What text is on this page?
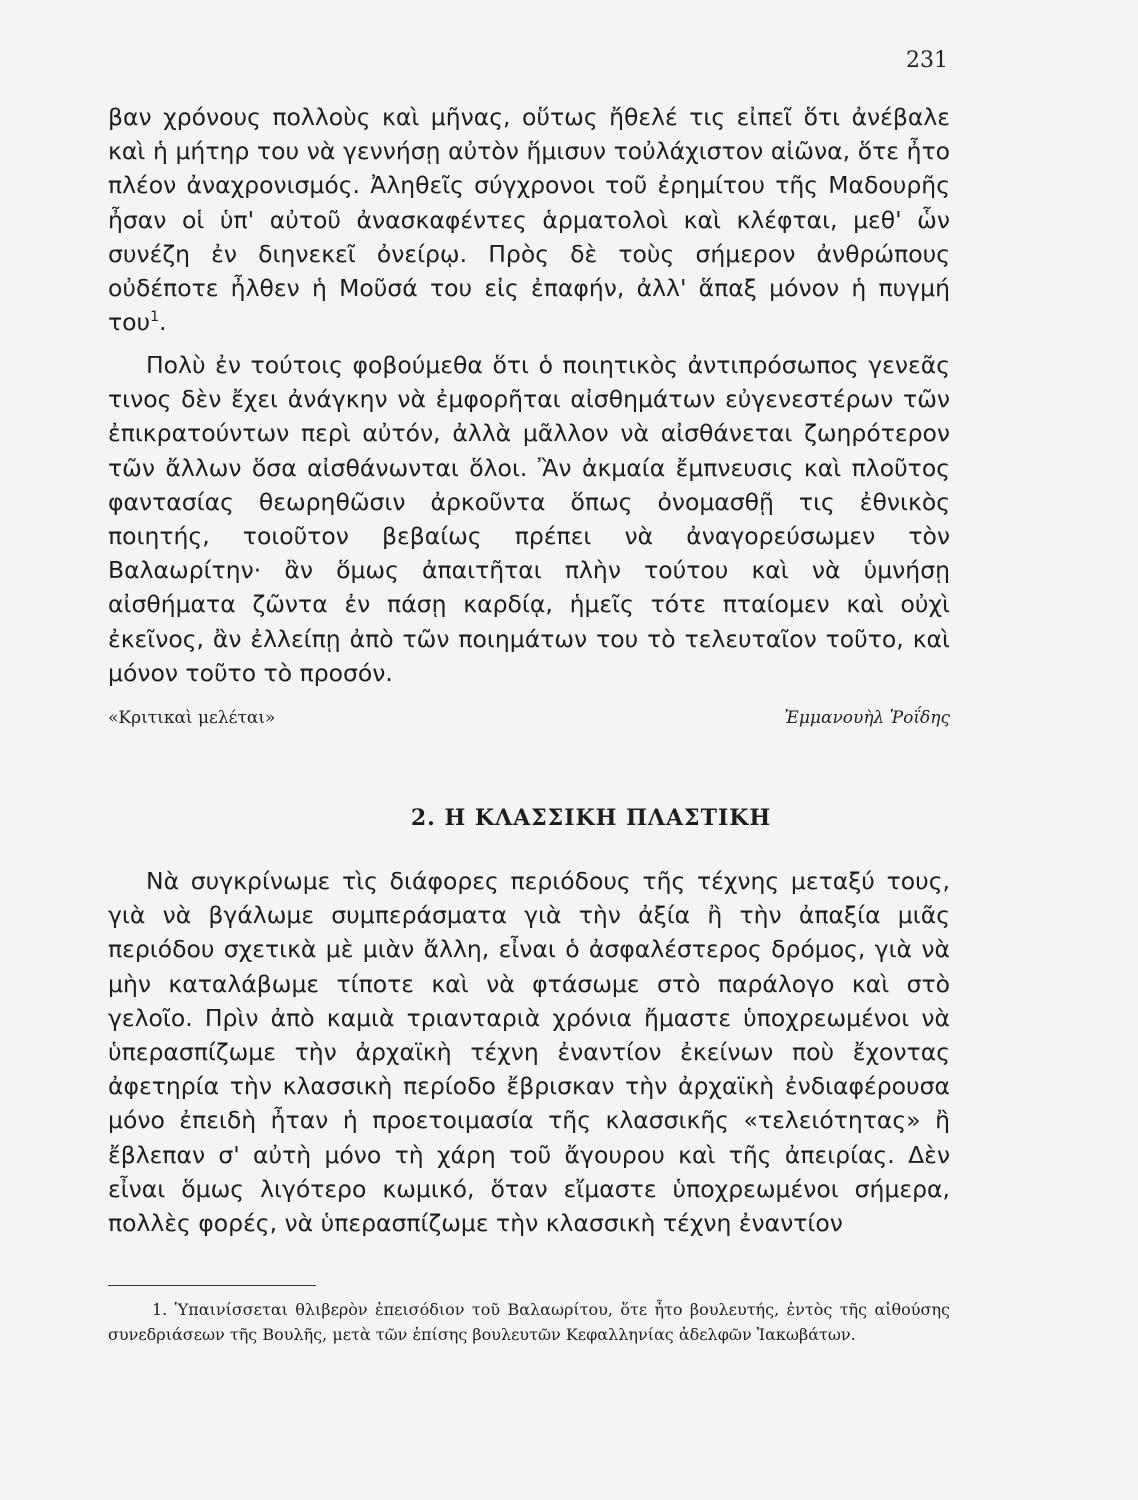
231

βαν χρόνους πολλοὺς καὶ μῆνας, οὕτως ἤθελέ τις εἰπεῖ ὅτι ἀνέβαλε καὶ ἡ μήτηρ του νὰ γεννήσῃ αὐτὸν ἥμισυν τοὐλάχιστον αἰῶνα, ὅτε ἦτο πλέον ἀναχρονισμός. Ἀληθεῖς σύγχρονοι τοῦ ἐρημίτου τῆς Μαδουρῆς ἦσαν οἱ ὑπ' αὐτοῦ ἀνασκαφέντες ἁρματολοὶ καὶ κλέφται, μεθ' ὧν συνέζη ἐν διηνεκεῖ ὀνείρῳ. Πρὸς δὲ τοὺς σήμερον ἀνθρώπους οὐδέποτε ἦλθεν ἡ Μοῦσά του εἰς ἐπαφήν, ἀλλ' ἅπαξ μόνον ἡ πυγμή του$^1$.

Πολὺ ἐν τούτοις φοβούμεθα ὅτι ὁ ποιητικὸς ἀντιπρόσωπος γενεᾶς τινος δὲν ἔχει ἀνάγκην νὰ ἐμφορῆται αἰσθημάτων εὐγενεστέρων τῶν ἐπικρατούντων περὶ αὐτόν, ἀλλὰ μᾶλλον νὰ αἰσθάνεται ζωηρότερον τῶν ἄλλων ὅσα αἰσθάνωνται ὅλοι. Ἂν ἀκμαία ἔμπνευσις καὶ πλοῦτος φαντασίας θεωρηθῶσιν ἀρκοῦντα ὅπως ὀνομασθῇ τις ἐθνικὸς ποιητής, τοιοῦτον βεβαίως πρέπει νὰ ἀναγορεύσωμεν τὸν Βαλαωρίτην· ἂν ὅμως ἀπαιτῆται πλὴν τούτου καὶ νὰ ὑμνήσῃ αἰσθήματα ζῶντα ἐν πάσῃ καρδίᾳ, ἡμεῖς τότε πταίομεν καὶ οὐχὶ ἐκεῖνος, ἂν ἐλλείπῃ ἀπὸ τῶν ποιημάτων του τὸ τελευταῖον τοῦτο, καὶ μόνον τοῦτο τὸ προσόν.

«Κριτικαὶ μελέται»	Ἐμμανουὴλ Ῥοΐδης
2. Η ΚΛΑΣΣΙΚΗ ΠΛΑΣΤΙΚΗ

Νὰ συγκρίνωμε τὶς διάφορες περιόδους τῆς τέχνης μεταξύ τους, γιὰ νὰ βγάλωμε συμπεράσματα γιὰ τὴν ἀξία ἢ τὴν ἀπαξία μιᾶς περιόδου σχετικὰ μὲ μιὰν ἄλλη, εἶναι ὁ ἀσφαλέστερος δρόμος, γιὰ νὰ μὴν καταλάβωμε τίποτε καὶ νὰ φτάσωμε στὸ παράλογο καὶ στὸ γελοῖο. Πρὶν ἀπὸ καμιὰ τριανταριὰ χρόνια ἤμαστε ὑποχρεωμένοι νὰ ὑπερασπίζωμε τὴν ἀρχαϊκὴ τέχνη ἐναντίον ἐκείνων ποὺ ἔχοντας ἀφετηρία τὴν κλασσικὴ περίοδο ἔβρισκαν τὴν ἀρχαϊκὴ ἐνδιαφέρουσα μόνο ἐπειδὴ ἦταν ἡ προετοιμασία τῆς κλασσικῆς «τελειότητας» ἢ ἔβλεπαν σ' αὐτὴ μόνο τὴ χάρη τοῦ ἄγουρου καὶ τῆς ἀπειρίας. Δὲν εἶναι ὅμως λιγότερο κωμικό, ὅταν εἴμαστε ὑποχρεωμένοι σήμερα, πολλὲς φορές, νὰ ὑπερασπίζωμε τὴν κλασσικὴ τέχνη ἐναντίον

1. Ὑπαινίσσεται θλιβερὸν ἐπεισόδιον τοῦ Βαλαωρίτου, ὅτε ἦτο βουλευτής, ἐντὸς τῆς αἰθούσης συνεδριάσεων τῆς Βουλῆς, μετὰ τῶν ἐπίσης βουλευτῶν Κεφαλληνίας ἀδελφῶν Ἰακωβάτων.
